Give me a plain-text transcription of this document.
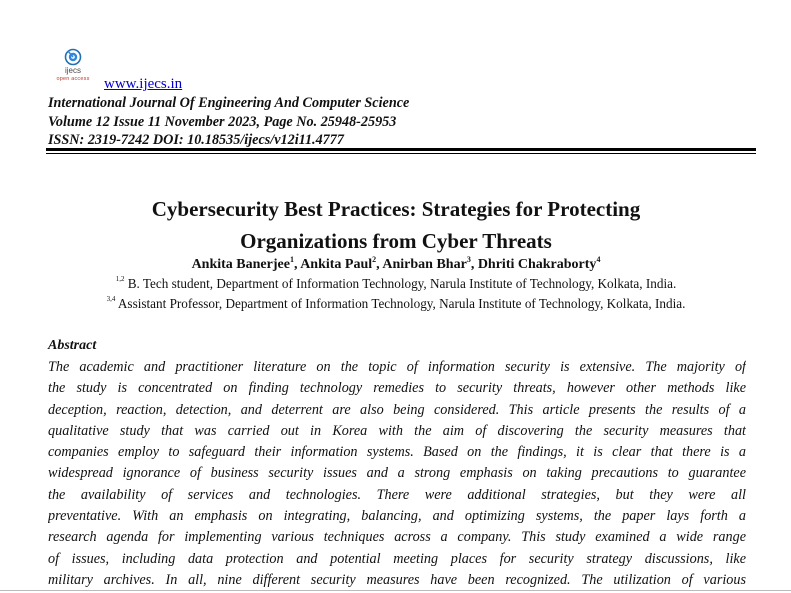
ijecs
open access www.ijecs.in
International Journal Of Engineering And Computer Science
Volume 12 Issue 11 November 2023, Page No. 25948-25953
ISSN: 2319-7242 DOI: 10.18535/ijecs/v12i11.4777
Cybersecurity Best Practices: Strategies for Protecting
Organizations from Cyber Threats
Ankita Banerjee$^1$, Ankita Paul$^2$, Anirban Bhar$^3$, Dhriti Chakraborty$^4$
$^{1,2}$ B. Tech student, Department of Information Technology, Narula Institute of Technology, Kolkata, India.
$^{3,4}$ Assistant Professor, Department of Information Technology, Narula Institute of Technology, Kolkata, India.
Abstract
The academic and practitioner literature on the topic of information security is extensive. The majority of
the study is concentrated on finding technology remedies to security threats, however other methods like
deception, reaction, detection, and deterrent are also being considered. This article presents the results of a
qualitative study that was carried out in Korea with the aim of discovering the security measures that
companies employ to safeguard their information systems. Based on the findings, it is clear that there is a
widespread ignorance of business security issues and a strong emphasis on taking precautions to guarantee
the availability of services and technologies. There were additional strategies, but they were all
preventative. With an emphasis on integrating, balancing, and optimizing systems, the paper lays forth a
research agenda for implementing various techniques across a company. This study examined a wide range
of issues, including data protection and potential meeting places for security strategy discussions, like
military archives. In all, nine different security measures have been recognized. The utilization of various
